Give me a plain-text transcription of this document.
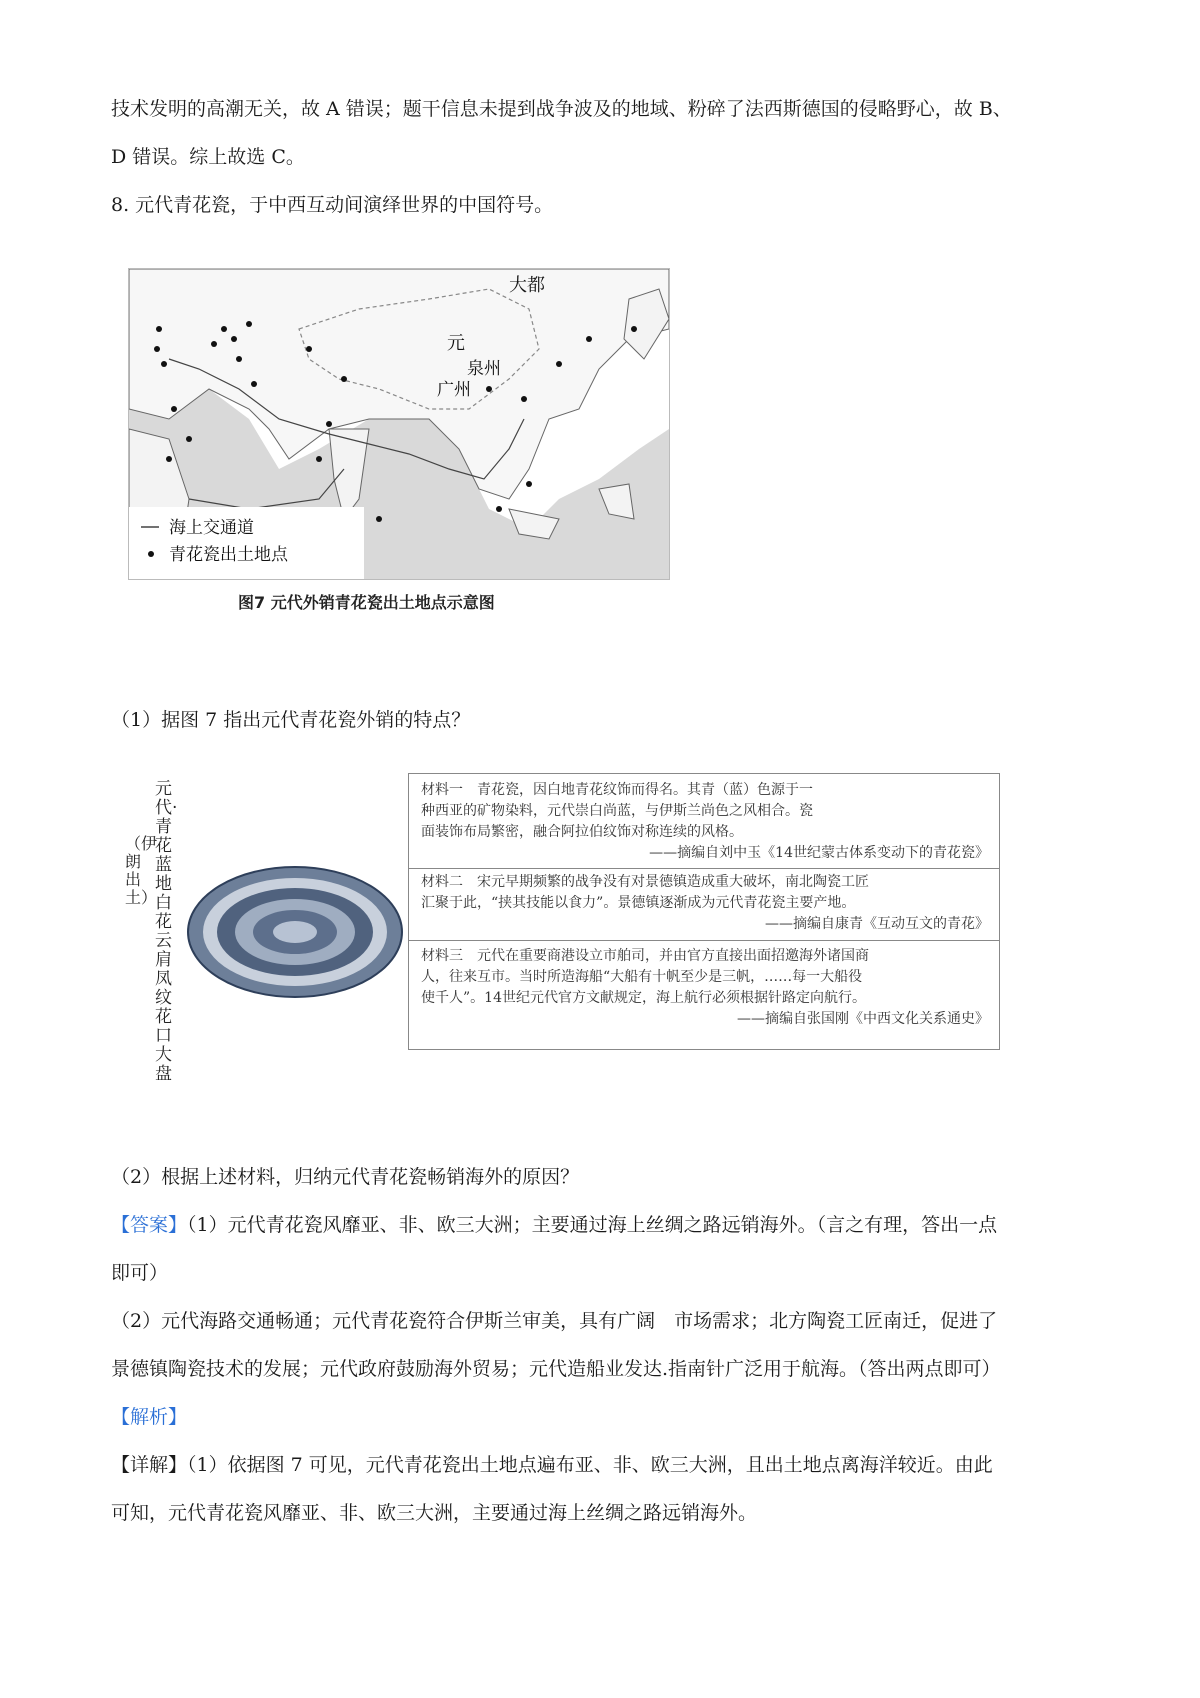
技术发明的高潮无关，故 A 错误；题干信息未提到战争波及的地域、粉碎了法西斯德国的侵略野心，故 B、
D 错误。综上故选 C。
8. 元代青花瓷，于中西互动间演绎世界的中国符号。
大都
元
泉州
广州
海上交通道
青花瓷出土地点
图7 元代外销青花瓷出土地点示意图
（1）据图 7 指出元代青花瓷外销的特点？
元代·青花蓝地白花云肩凤纹花口大盘
（伊朗出土）
材料一　青花瓷，因白地青花纹饰而得名。其青（蓝）色源于一
种西亚的矿物染料，元代崇白尚蓝，与伊斯兰尚色之风相合。瓷
面装饰布局繁密，融合阿拉伯纹饰对称连续的风格。
——摘编自刘中玉《14世纪蒙古体系变动下的青花瓷》
材料二　宋元早期频繁的战争没有对景德镇造成重大破坏，南北陶瓷工匠
汇聚于此，“挟其技能以食力”。景德镇逐渐成为元代青花瓷主要产地。
——摘编自康青《互动互文的青花》
材料三　元代在重要商港设立市舶司，并由官方直接出面招邀海外诸国商
人，往来互市。当时所造海船“大船有十帆至少是三帆，……每一大船役
使千人”。14世纪元代官方文献规定，海上航行必须根据针路定向航行。
——摘编自张国刚《中西文化关系通史》
（2）根据上述材料，归纳元代青花瓷畅销海外的原因？
【答案】（1）元代青花瓷风靡亚、非、欧三大洲；主要通过海上丝绸之路远销海外。（言之有理，答出一点
即可）
（2）元代海路交通畅通；元代青花瓷符合伊斯兰审美，具有广阔　市场需求；北方陶瓷工匠南迁，促进了
景德镇陶瓷技术的发展；元代政府鼓励海外贸易；元代造船业发达.指南针广泛用于航海。（答出两点即可）
【解析】
【详解】（1）依据图 7 可见，元代青花瓷出土地点遍布亚、非、欧三大洲，且出土地点离海洋较近。由此
可知，元代青花瓷风靡亚、非、欧三大洲，主要通过海上丝绸之路远销海外。
